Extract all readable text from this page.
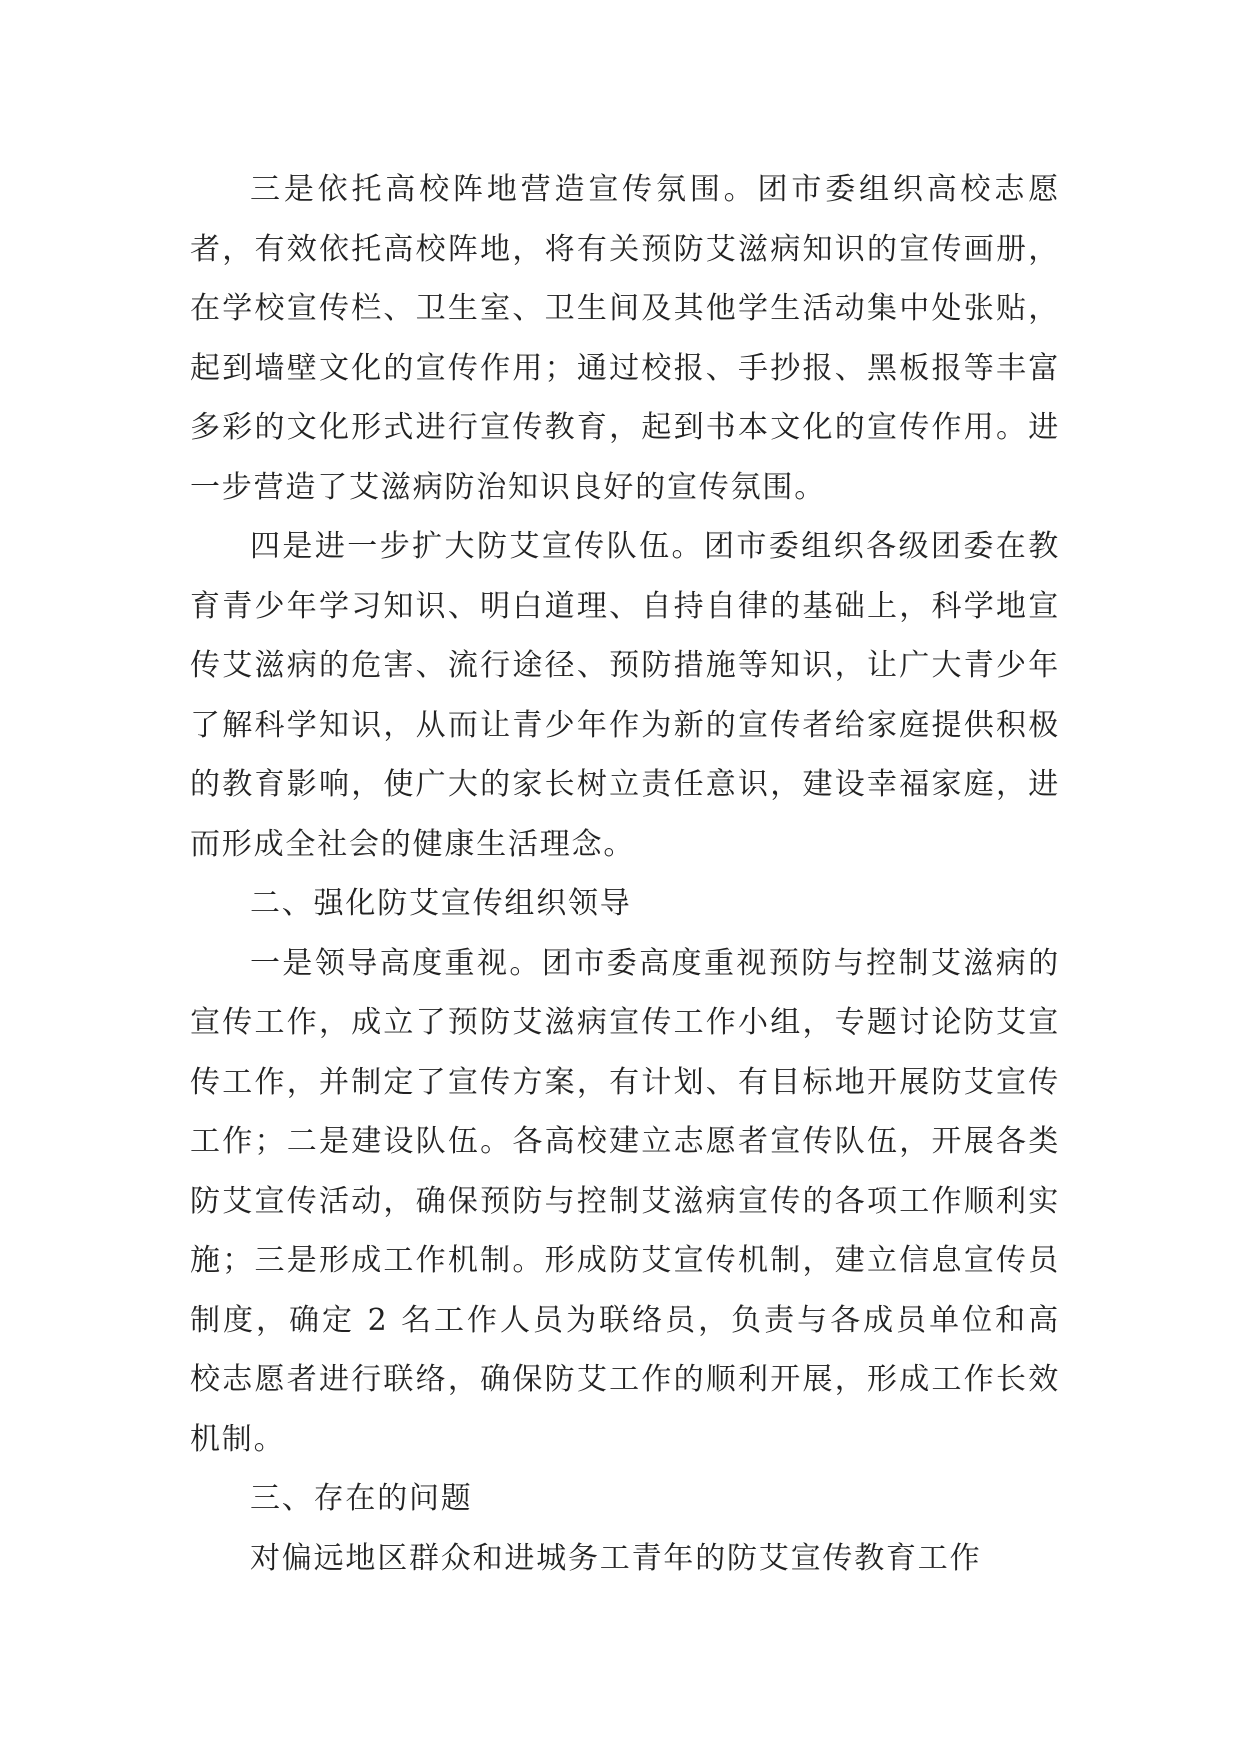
三是依托高校阵地营造宣传氛围。团市委组织高校志愿者，有效依托高校阵地，将有关预防艾滋病知识的宣传画册，在学校宣传栏、卫生室、卫生间及其他学生活动集中处张贴，起到墙壁文化的宣传作用；通过校报、手抄报、黑板报等丰富多彩的文化形式进行宣传教育，起到书本文化的宣传作用。进一步营造了艾滋病防治知识良好的宣传氛围。

四是进一步扩大防艾宣传队伍。团市委组织各级团委在教育青少年学习知识、明白道理、自持自律的基础上，科学地宣传艾滋病的危害、流行途径、预防措施等知识，让广大青少年了解科学知识，从而让青少年作为新的宣传者给家庭提供积极的教育影响，使广大的家长树立责任意识，建设幸福家庭，进而形成全社会的健康生活理念。

二、强化防艾宣传组织领导

一是领导高度重视。团市委高度重视预防与控制艾滋病的宣传工作，成立了预防艾滋病宣传工作小组，专题讨论防艾宣传工作，并制定了宣传方案，有计划、有目标地开展防艾宣传工作；二是建设队伍。各高校建立志愿者宣传队伍，开展各类防艾宣传活动，确保预防与控制艾滋病宣传的各项工作顺利实施；三是形成工作机制。形成防艾宣传机制，建立信息宣传员制度，确定 2 名工作人员为联络员，负责与各成员单位和高校志愿者进行联络，确保防艾工作的顺利开展，形成工作长效机制。

三、存在的问题

对偏远地区群众和进城务工青年的防艾宣传教育工作
